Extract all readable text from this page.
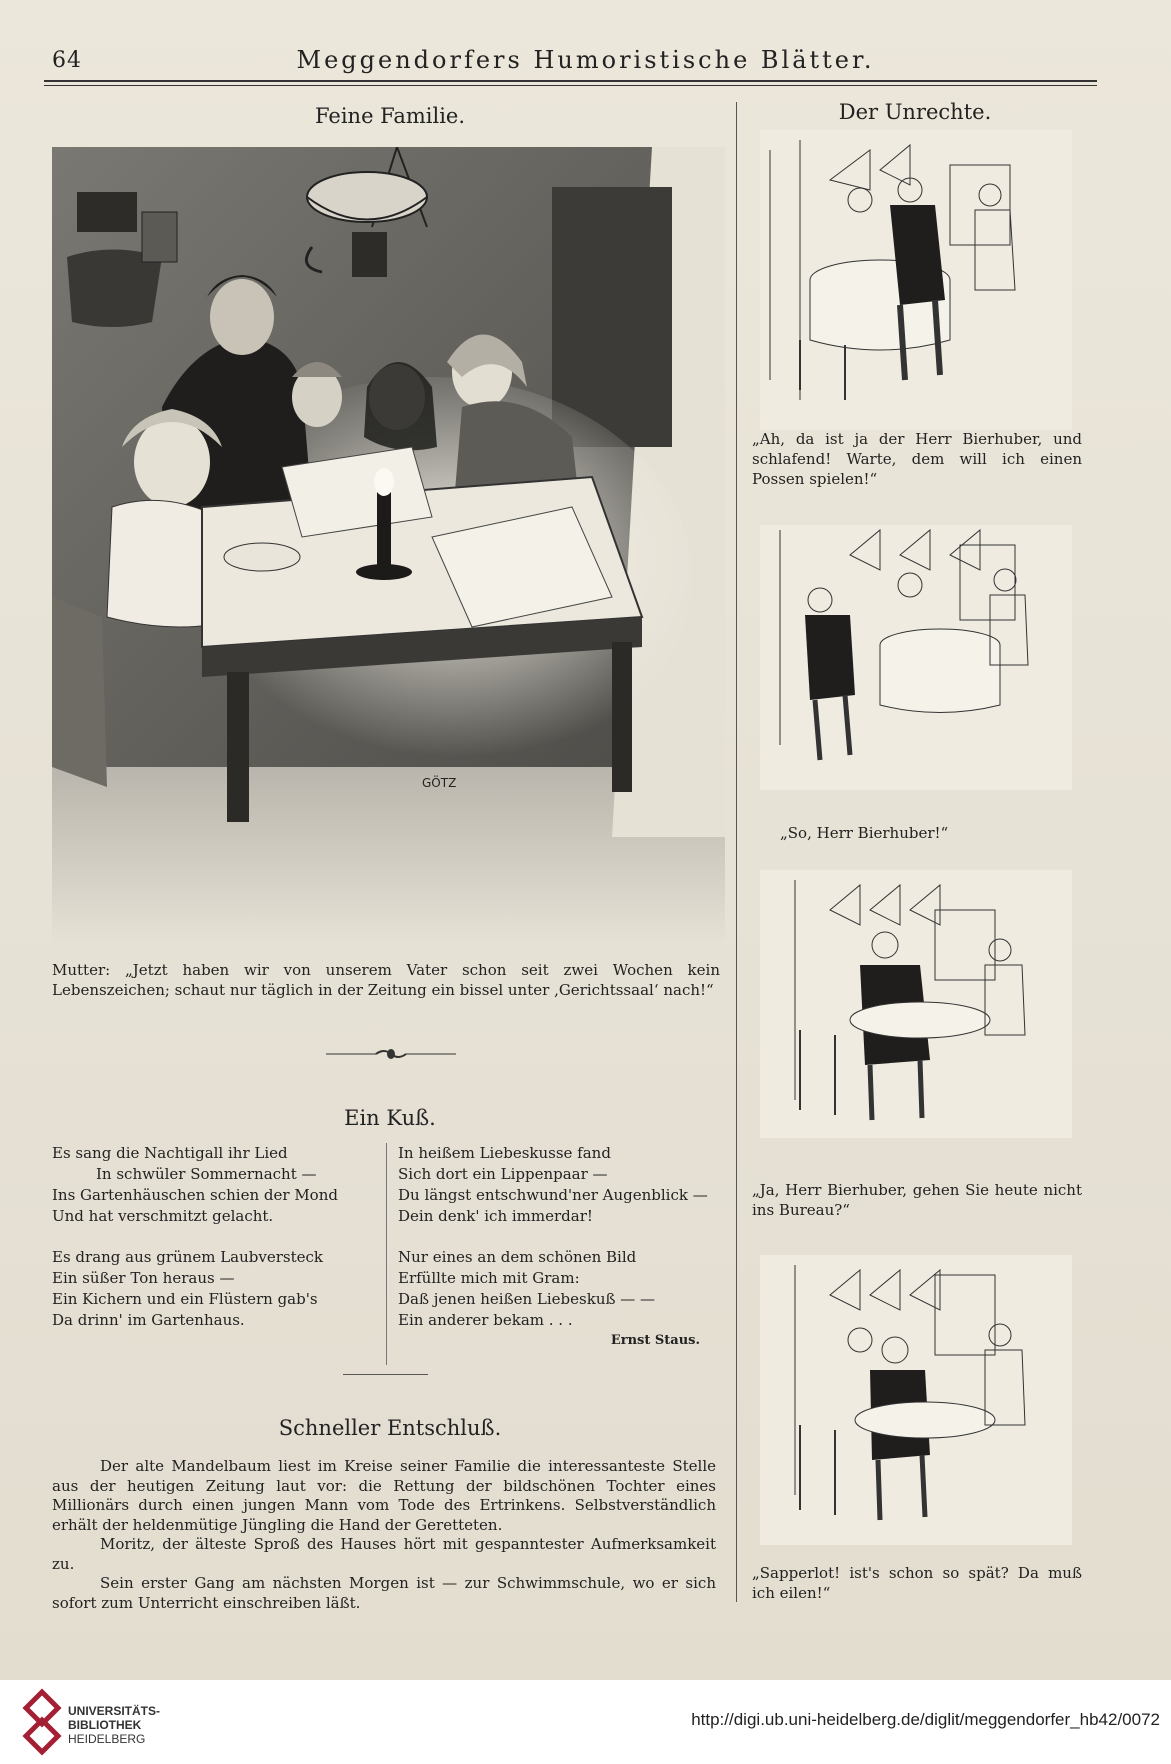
64	Meggendorfers Humoristische Blätter.
Feine Familie.
GÖTZ
Mutter: „Jetzt haben wir von unserem Vater schon seit zwei Wochen kein Lebenszeichen; schaut nur täglich in der Zeitung ein bissel unter ‚Gerichtssaal‘ nach!“
Ein Kuß.
Es sang die Nachtigall ihr Lied
In schwüler Sommernacht —
Ins Gartenhäuschen schien der Mond
Und hat verschmitzt gelacht.
Es drang aus grünem Laubversteck
Ein süßer Ton heraus —
Ein Kichern und ein Flüstern gab's
Da drinn' im Gartenhaus.
In heißem Liebeskusse fand
Sich dort ein Lippenpaar —
Du längst entschwund'ner Augenblick —
Dein denk' ich immerdar!
Nur eines an dem schönen Bild
Erfüllte mich mit Gram:
Daß jenen heißen Liebeskuß — —
Ein anderer bekam . . .
Ernst Staus.
Schneller Entschluß.

Der alte Mandelbaum liest im Kreise seiner Familie die interessanteste Stelle aus der heutigen Zeitung laut vor: die Rettung der bildschönen Tochter eines Millionärs durch einen jungen Mann vom Tode des Ertrinkens. Selbstverständlich erhält der heldenmütige Jüngling die Hand der Geretteten.

Moritz, der älteste Sproß des Hauses hört mit gespanntester Aufmerksamkeit zu.

Sein erster Gang am nächsten Morgen ist — zur Schwimmschule, wo er sich sofort zum Unterricht einschreiben läßt.

Der Unrechte.
„Ah, da ist ja der Herr Bierhuber, und schlafend! Warte, dem will ich einen Possen spielen!“
„So, Herr Bierhuber!“
„Ja, Herr Bierhuber, gehen Sie heute nicht ins Bureau?“
„Sapperlot! ist's schon so spät? Da muß ich eilen!“
UNIVERSITÄTS-
BIBLIOTHEK
HEIDELBERG
http://digi.ub.uni-heidelberg.de/diglit/meggendorfer_hb42/0072
